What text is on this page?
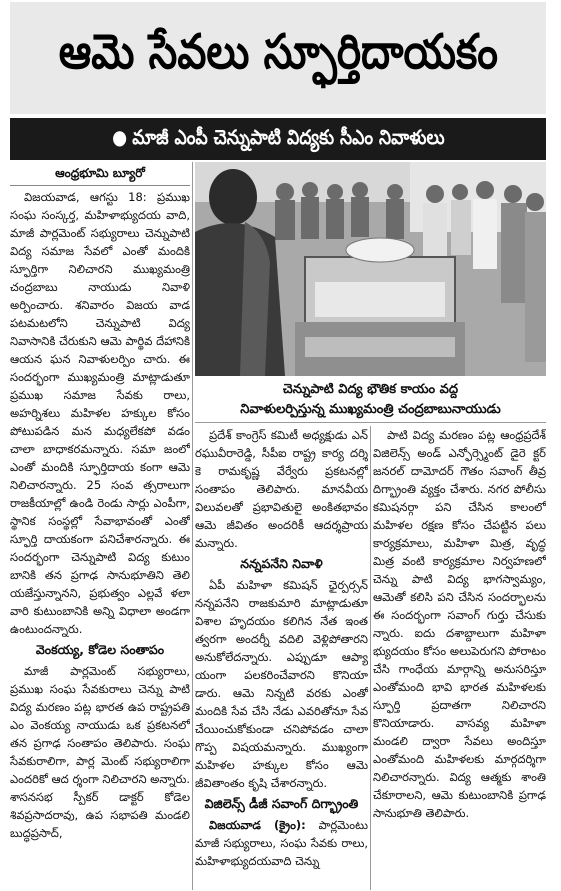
ఆమె సేవలు స్ఫూర్తిదాయకం
● మాజీ ఎంపీ చెన్నుపాటి విద్యకు సీఎం నివాళులు
ఆంధ్రభూమి బ్యూరో

విజయవాడ, ఆగస్టు 18: ప్రముఖ సంఘ సంస్కర్త, మహిళాభ్యుదయ వాది, మాజీ పార్లమెంట్ సభ్యురాలు చెన్నుపాటి విద్య సమాజ సేవలో ఎంతో మందికి స్ఫూర్తిగా నిలిచారని ముఖ్యమంత్రి చంద్రబాబు నాయుడు నివాళి అర్పించారు. శనివారం విజయ వాడ పటమటలోని చెన్నుపాటి విద్య నివాసానికి చేరుకుని ఆమె పార్థివ దేహానికి ఆయన ఘన నివాళులర్పిం చారు. ఈ సందర్భంగా ముఖ్యమంత్రి మాట్లాడుతూ ప్రముఖ సమాజ సేవకు రాలు, అహర్నిశలు మహిళల హక్కుల కోసం పోటుపడిన మన మధ్యలేకపో వడం చాలా బాధాకరమన్నారు. సమా జంలో ఎంతో మందికి స్ఫూర్తిదాయ కంగా ఆమె నిలిచారన్నారు. 25 సంవ త్సరాలుగా రాజకీయాల్లో ఉండి రెండు సార్లు ఎంపీగా, స్థానిక సంస్థల్లో సేవాభావంతో ఎంతో స్ఫూర్తి దాయకంగా పనిచేశారన్నారు. ఈ సందర్భంగా చెన్నుపాటి విద్య కుటుం బానికి తన ప్రగాఢ సానుభూతిని తెలి యజేస్తున్నానని, ప్రభుత్వం ఎల్లవే ళలా వారి కుటుంబానికి అన్ని విధాలా అండగా ఉంటుందన్నారు.

వెంకయ్య, కోడెల సంతాపం

మాజీ పార్లమెంట్ సభ్యురాలు, ప్రముఖ సంఘ సేవకురాలు చెన్ను పాటి విద్య మరణం పట్ల భారత ఉప రాష్ట్రపతి ఎం వెంకయ్య నాయుడు ఒక ప్రకటనలో తన ప్రగాఢ సంతాపం తెలిపారు. సంఘ సేవకురాలిగా, పార్ల మెంట్ సభ్యురాలిగా ఎందరికో ఆద ర్శంగా నిలిచారని అన్నారు. శాసనసభ స్పీకర్ డాక్టర్ కోడెల శివప్రసాదరావు, ఉప సభాపతి మండలి బుద్ధప్రసాద్,

చెన్నుపాటి విద్య భౌతిక కాయం వద్ద
నివాళులర్పిస్తున్న ముఖ్యమంత్రి చంద్రబాబునాయుడు

ప్రదేశ్ కాంగ్రెస్ కమిటీ అధ్యక్షుడు ఎన్ రఘువీరారెడ్డి, సీపీఐ రాష్ట్ర కార్య దర్శి కె రామకృష్ణ వేర్వేరు ప్రకటనల్లో సంతాపం తెలిపారు. మానవీయ విలువలతో ప్రభావితులై అంకితభావం ఆమె జీవితం అందరికీ ఆదర్శప్రాయ మన్నారు.

నన్నపనేని నివాళి

ఏపీ మహిళా కమిషన్ ఛైర్పర్సన్ నన్నపనేని రాజకుమారి మాట్లాడుతూ విశాల హృదయం కలిగిన నేత ఇంత త్వరగా అందర్నీ వదిలి వెళ్లిపోతారని అనుకోలేదన్నారు. ఎప్పుడూ ఆప్యా యంగా పలకరించేవారని కొనియా డారు. ఆమె నిన్నటి వరకు ఎంతో మందికి సేవ చేసి నేడు ఎవరితోనూ సేవ చేయించుకోకుండా చనిపోవడం చాలా గొప్ప విషయమన్నారు. ముఖ్యంగా మహిళల హక్కుల కోసం ఆమె జీవితాంతం కృషి చేశారన్నారు.

విజిలెన్స్ డీజీ సవాంగ్ దిగ్భ్రాంతి

విజయవాడ (క్రైం): పార్లమెంటు మాజీ సభ్యురాలు, సంఘ సేవకు రాలు, మహిళాభ్యుదయవాది చెన్ను

పాటి విద్య మరణం పట్ల ఆంధ్రప్రదేశ్ విజిలెన్స్ అండ్ ఎన్ఫోర్స్మెంట్ డైరె క్టర్ జనరల్ దామోదర్ గౌతం సవాంగ్ తీవ్ర దిగ్భ్రాంతి వ్యక్తం చేశారు. నగర పోలీసు కమిషనర్గా పని చేసిన కాలంలో మహిళల రక్షణ కోసం చేపట్టిన పలు కార్యక్రమాలు, మహిళా మిత్ర, వృద్ధ మిత్ర వంటి కార్యక్రమాల నిర్వహణలో చెన్ను పాటి విద్య భాగస్వామ్యం, ఆమెతో కలిసి పని చేసిన సందర్భాలను ఈ సందర్భంగా సవాంగ్ గుర్తు చేసుకు న్నారు. ఐదు దశాబ్దాలుగా మహిళా భ్యుదయం కోసం అలుపెరుగని పోరాటం చేసి గాంధేయ మార్గాన్ని అనుసరిస్తూ ఎంతోమంది భావి భారత మహిళలకు స్ఫూర్తి ప్రదాతగా నిలిచారని కొనియాడారు. వాసవ్య మహిళా మండలి ద్వారా సేవలు అందిస్తూ ఎంతోమంది మహిళలకు మార్గదర్శిగా నిలిచారన్నారు. విద్య ఆత్మకు శాంతి చేకూరాలని, ఆమె కుటుంబానికి ప్రగాఢ సానుభూతి తెలిపారు.
